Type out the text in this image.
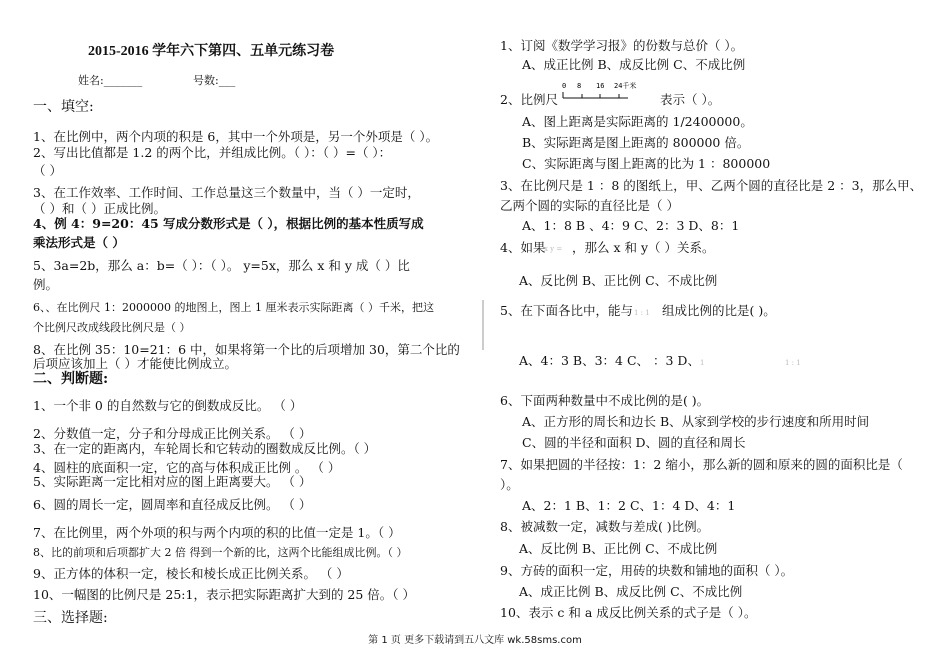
2015-2016 学年六下第四、五单元练习卷
姓名:_______	号数:___
一、填空:
1、在比例中，两个内项的积是 6，其中一个外项是，另一个外项是（ ）。
2、写出比值都是 1.2 的两个比，并组成比例。（ ）：（ ）=（ ）：
（ ）
3、在工作效率、工作时间、工作总量这三个数量中，当（ ）一定时，
（ ）和（ ）正成比例。
4、例 4：9=20：45 写成分数形式是（ ），根据比例的基本性质写成
乘法形式是（ ）
5、3a=2b，那么 a：b=（ ）：（ ）。 y=5x，那么 x 和 y 成（ ）比
例。
6、、在比例尺 1：2000000 的地图上，图上 1 厘米表示实际距离（ ）千米，把这
个比例尺改成线段比例尺是（ ）
8、在比例 35：10=21：6 中，如果将第一个比的后项增加 30，第二个比的
后项应该加上（ ）才能使比例成立。
二、判断题:
1、一个非 0 的自然数与它的倒数成反比。 （ ）
2、分数值一定，分子和分母成正比例关系。 （ ）
3、在一定的距离内，车轮周长和它转动的圈数成反比例。（ ）
4、圆柱的底面积一定，它的高与体积成正比例 。 （ ）
5、实际距离一定比相对应的图上距离要大。 （ ）
6、圆的周长一定，圆周率和直径成反比例。 （ ）
7、在比例里，两个外项的积与两个内项的积的比值一定是 1。（ ）
8、比的前项和后项都扩大 2 倍 得到一个新的比，这两个比能组成比例。（ ）
9、正方体的体积一定，棱长和棱长成正比例关系。 （ ）
10、一幅图的比例尺是 25:1，表示把实际距离扩大到的 25 倍。（ ）
三、选择题:
1、订阅《数学学习报》的份数与总价（ ）。
A、成正比例 B、成反比例 C、不成比例
2、比例尺
0 8 16 24千米
表示（ ）。
A、图上距离是实际距离的 1/2400000。
B、实际距离是图上距离的 800000 倍。
C、实际距离与图上距离的比为 1 ：800000
3、在比例尺是 1 ：8 的图纸上，甲、乙两个圆的直径比是 2 ：3，那么甲、
乙两个圆的实际的直径比是（ ）
A、1：8 B 、4：9 C、2：3 D、8：1
4、如果
x y = ，那么 x 和 y（ ）关系。
A、反比例 B、正比例 C、不成比例
5、在下面各比中，能与 1 : 1 组成比例的比是( )。
A、4：3 B、3：4 C、 ：3 D、 1	1 : 1
6、下面两种数量中不成比例的是( )。
A、正方形的周长和边长 B、从家到学校的步行速度和所用时间
C、圆的半径和面积 D、圆的直径和周长
7、如果把圆的半径按：1：2 缩小，那么新的圆和原来的圆的面积比是（
）。
A、2：1 B、1：2 C、1：4 D、4：1
8、被减数一定，减数与差成( )比例。
A、反比例 B、正比例 C、不成比例
9、方砖的面积一定，用砖的块数和铺地的面积（ ）。
A、成正比例 B、成反比例 C、不成比例
10、表示 c 和 a 成反比例关系的式子是（ ）。
第 1 页 更多下载请到五八文库 wk.58sms.com
